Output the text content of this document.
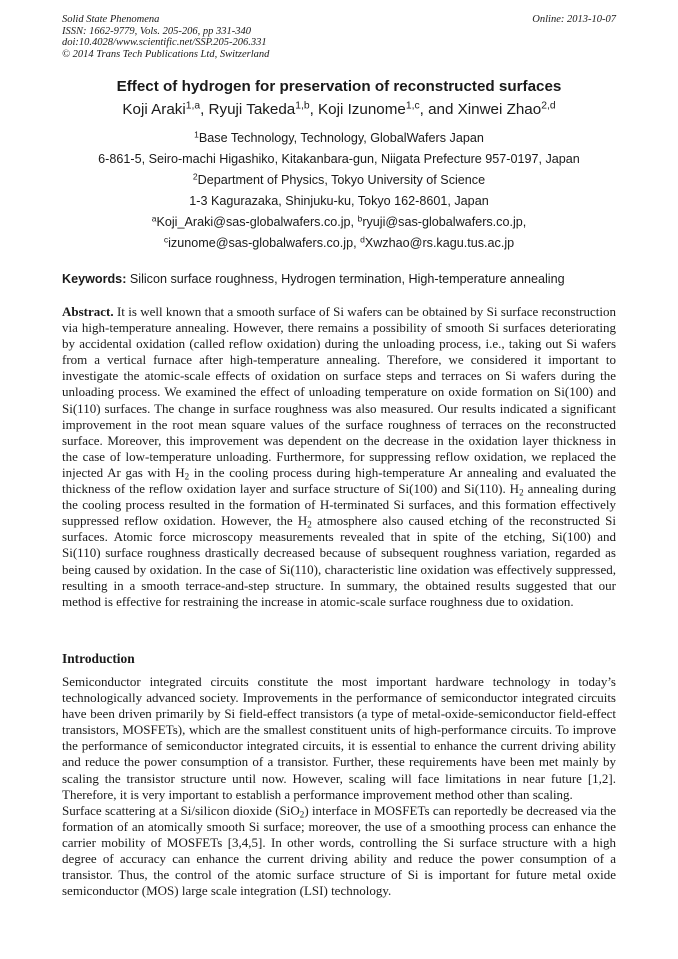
Solid State Phenomena
ISSN: 1662-9779, Vols. 205-206, pp 331-340
doi:10.4028/www.scientific.net/SSP.205-206.331
© 2014 Trans Tech Publications Ltd, Switzerland
Online: 2013-10-07
Effect of hydrogen for preservation of reconstructed surfaces
Koji Araki$^{1,a}$, Ryuji Takeda$^{1,b}$, Koji Izunome$^{1,c}$, and Xinwei Zhao$^{2,d}$
$^1$Base Technology, Technology, GlobalWafers Japan
6-861-5, Seiro-machi Higashiko, Kitakanbara-gun, Niigata Prefecture 957-0197, Japan
$^2$Department of Physics, Tokyo University of Science
1-3 Kagurazaka, Shinjuku-ku, Tokyo 162-8601, Japan
$^a$Koji_Araki@sas-globalwafers.co.jp, $^b$ryuji@sas-globalwafers.co.jp,
$^c$izunome@sas-globalwafers.co.jp, $^d$Xwzhao@rs.kagu.tus.ac.jp
Keywords: Silicon surface roughness, Hydrogen termination, High-temperature annealing

Abstract. It is well known that a smooth surface of Si wafers can be obtained by Si surface reconstruction via high-temperature annealing. However, there remains a possibility of smooth Si surfaces deteriorating by accidental oxidation (called reflow oxidation) during the unloading process, i.e., taking out Si wafers from a vertical furnace after high-temperature annealing. Therefore, we considered it important to investigate the atomic-scale effects of oxidation on surface steps and terraces on Si wafers during the unloading process. We examined the effect of unloading temperature on oxide formation on Si(100) and Si(110) surfaces. The change in surface roughness was also measured. Our results indicated a significant improvement in the root mean square values of the surface roughness of terraces on the reconstructed surface. Moreover, this improvement was dependent on the decrease in the oxidation layer thickness in the case of low-temperature unloading. Furthermore, for suppressing reflow oxidation, we replaced the injected Ar gas with $H_2$ in the cooling process during high-temperature Ar annealing and evaluated the thickness of the reflow oxidation layer and surface structure of Si(100) and Si(110). $H_2$ annealing during the cooling process resulted in the formation of H-terminated Si surfaces, and this formation effectively suppressed reflow oxidation. However, the $H_2$ atmosphere also caused etching of the reconstructed Si surfaces. Atomic force microscopy measurements revealed that in spite of the etching, Si(100) and Si(110) surface roughness drastically decreased because of subsequent roughness variation, regarded as being caused by oxidation. In the case of Si(110), characteristic line oxidation was effectively suppressed, resulting in a smooth terrace-and-step structure. In summary, the obtained results suggested that our method is effective for restraining the increase in atomic-scale surface roughness due to oxidation.

Introduction

Semiconductor integrated circuits constitute the most important hardware technology in today’s technologically advanced society. Improvements in the performance of semiconductor integrated circuits have been driven primarily by Si field-effect transistors (a type of metal-oxide-semiconductor field-effect transistors, MOSFETs), which are the smallest constituent units of high-performance circuits. To improve the performance of semiconductor integrated circuits, it is essential to enhance the current driving ability and reduce the power consumption of a transistor. Further, these requirements have been met mainly by scaling the transistor structure until now. However, scaling will face limitations in near future [1,2]. Therefore, it is very important to establish a performance improvement method other than scaling.

Surface scattering at a Si/silicon dioxide (SiO$_2$) interface in MOSFETs can reportedly be decreased via the formation of an atomically smooth Si surface; moreover, the use of a smoothing process can enhance the carrier mobility of MOSFETs [3,4,5]. In other words, controlling the Si surface structure with a high degree of accuracy can enhance the current driving ability and reduce the power consumption of a transistor. Thus, the control of the atomic surface structure of Si is important for future metal oxide semiconductor (MOS) large scale integration (LSI) technology.
